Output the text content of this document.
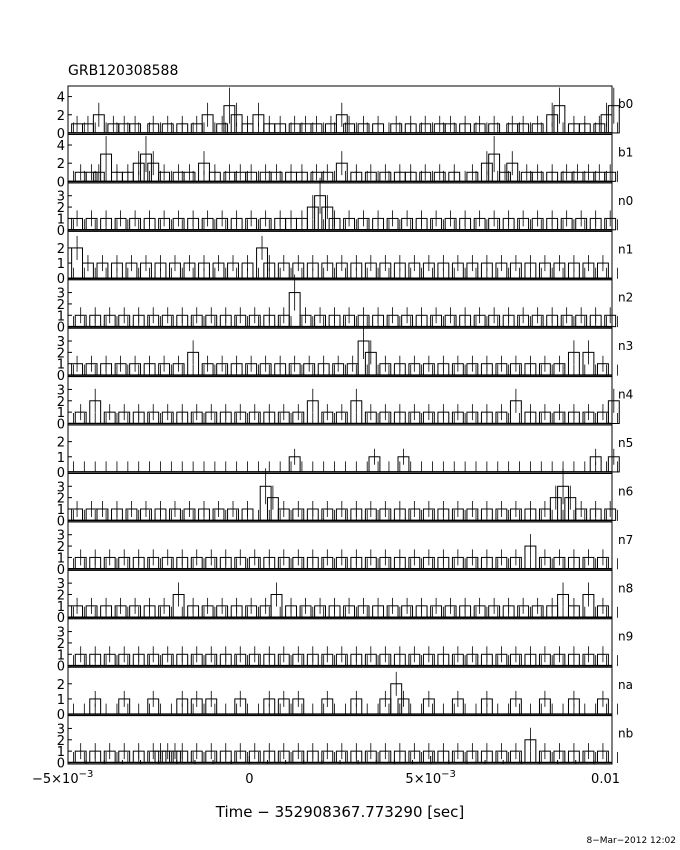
GRB120308588
0
2
4	b0
0
2
4	b1
0
1
2
3	n0
0
1
2	n1
0
1
2
3	n2
0
1
2
3	n3
0
1
2
3	n4
0
1
2	n5
0
1
2
3	n6
0
1
2
3	n7
0
1
2
3	n8
0
1
2
3	n9
0
1
2	na
0
1
2
3	nb
$-5\times 10^{-3}$	0	$5\times 10^{-3}$	0.01
Time − 352908367.773290 [sec]
8−Mar−2012 12:02
